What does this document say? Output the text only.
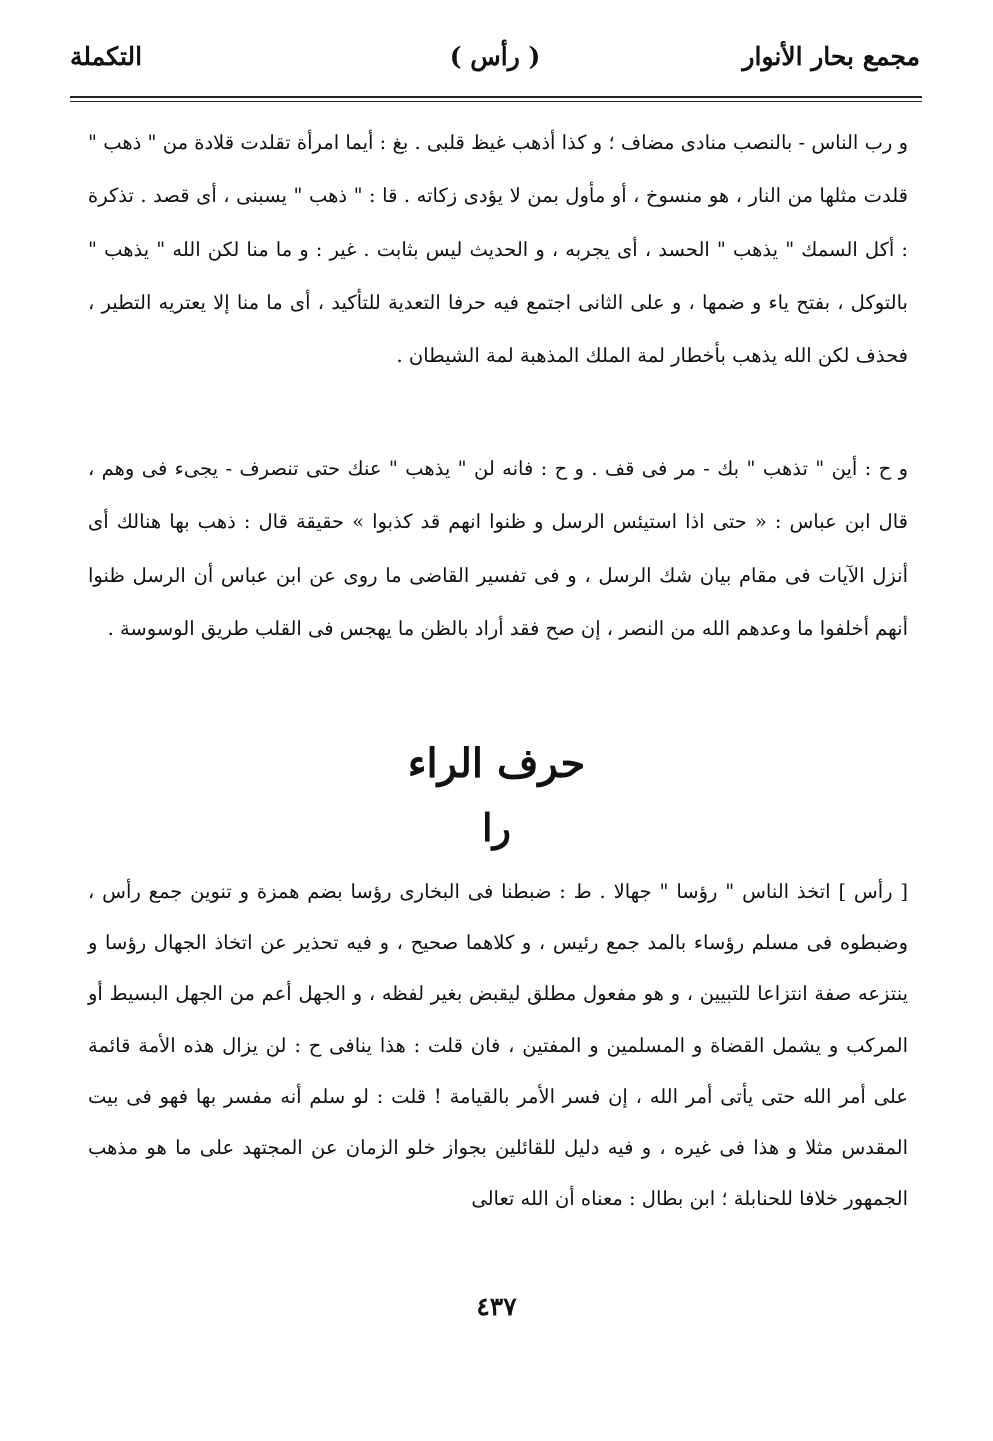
مجمع بحار الأنوار
( رأس )
التكملة

و رب الناس - بالنصب منادى مضاف ؛ و كذا أذهب غيظ قلبى . بغ : أيما امرأة تقلدت قلادة من " ذهب " قلدت مثلها من النار ، هو منسوخ ، أو مأول بمن لا يؤدى زكاته . قا : " ذهب " يسبنى ، أى قصد . تذكرة : أكل السمك " يذهب " الحسد ، أى يجربه ، و الحديث ليس بثابت . غير : و ما منا لكن الله " يذهب " بالتوكل ، بفتح ياء و ضمها ، و على الثانى اجتمع فيه حرفا التعدية للتأكيد ، أى ما منا إلا يعتريه التطير ، فحذف لكن الله يذهب بأخطار لمة الملك المذهبة لمة الشيطان .

و ح : أين " تذهب " بك - مر فى قف . و ح : فانه لن " يذهب " عنك حتى تنصرف - يجىء فى وهم ، قال ابن عباس : « حتى اذا استيئس الرسل و ظنوا انهم قد كذبوا » حقيقة قال : ذهب بها هنالك أى أنزل الآيات فى مقام بيان شك الرسل ، و فى تفسير القاضى ما روى عن ابن عباس أن الرسل ظنوا أنهم أخلفوا ما وعدهم الله من النصر ، إن صح فقد أراد بالظن ما يهجس فى القلب طريق الوسوسة .

حرف الراء
را

[ رأس ] اتخذ الناس " رؤسا " جهالا . ط : ضبطنا فى البخارى رؤسا بضم همزة و تنوين جمع رأس ، وضبطوه فى مسلم رؤساء بالمد جمع رئيس ، و كلاهما صحيح ، و فيه تحذير عن اتخاذ الجهال رؤسا و ينتزعه صفة انتزاعا للتبيين ، و هو مفعول مطلق ليقبض بغير لفظه ، و الجهل أعم من الجهل البسيط أو المركب و يشمل القضاة و المسلمين و المفتين ، فان قلت : هذا ينافى ح : لن يزال هذه الأمة قائمة على أمر الله حتى يأتى أمر الله ، إن فسر الأمر بالقيامة ! قلت : لو سلم أنه مفسر بها فهو فى بيت المقدس مثلا و هذا فى غيره ، و فيه دليل للقائلين بجواز خلو الزمان عن المجتهد على ما هو مذهب الجمهور خلافا للحنابلة ؛ ابن بطال : معناه أن الله تعالى

٤٣٧
